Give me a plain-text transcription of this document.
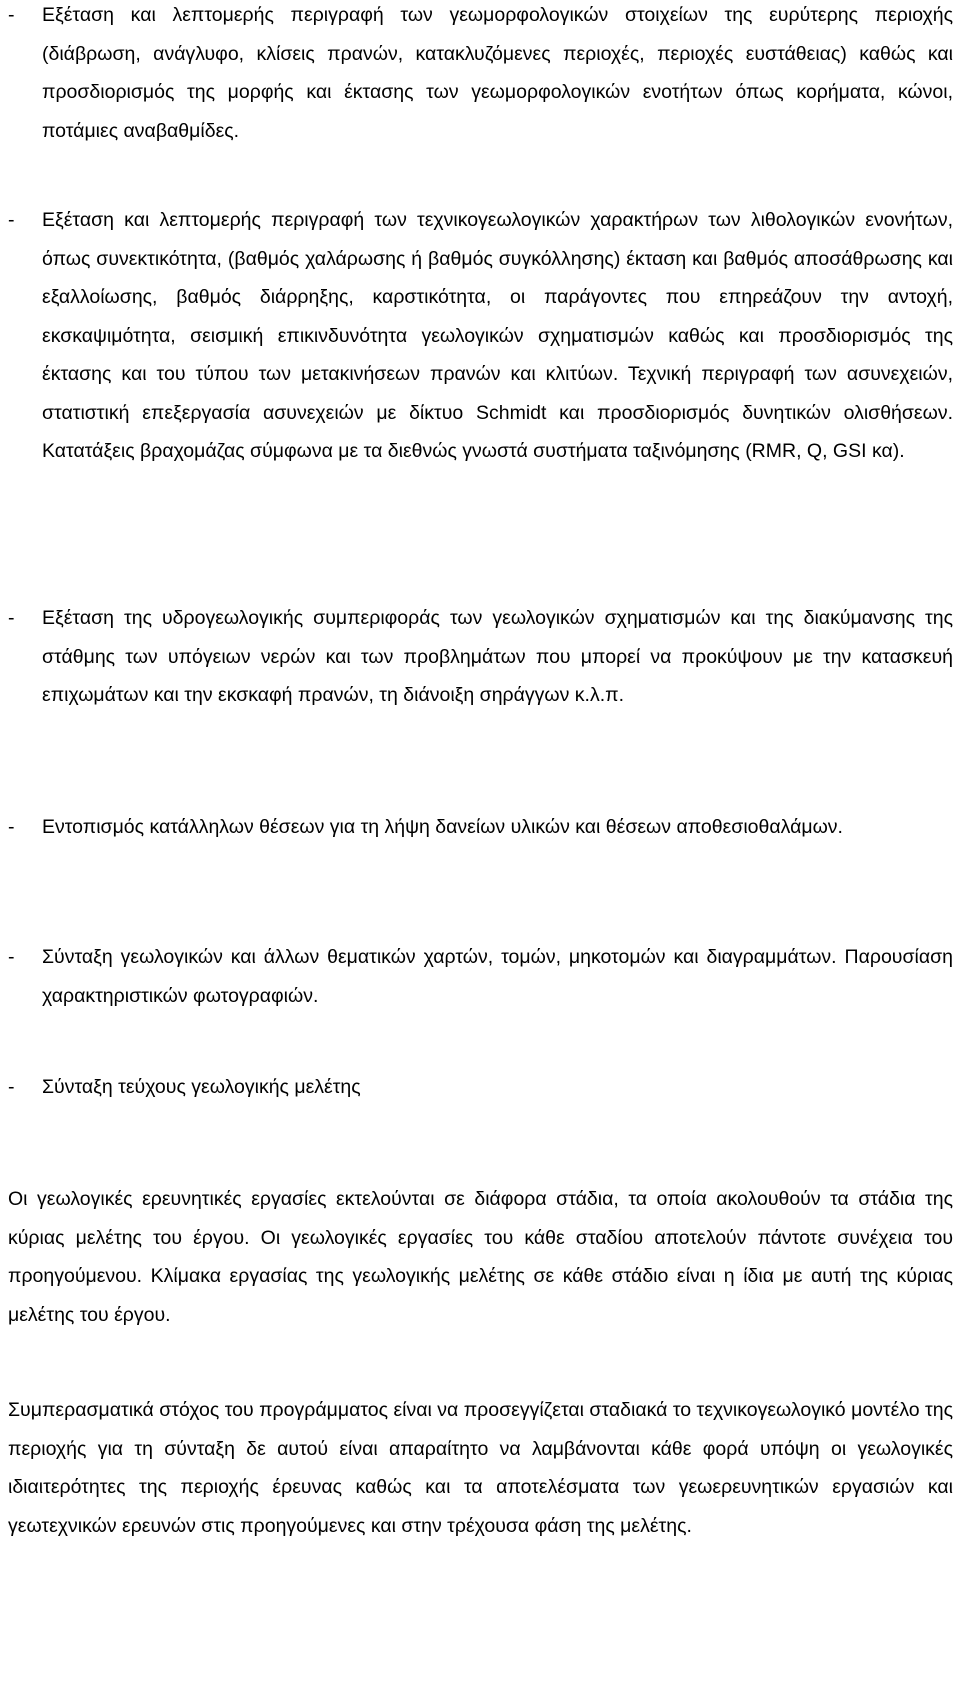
- Εξέταση και λεπτομερής περιγραφή των γεωμορφολογικών στοιχείων της ευρύτερης περιοχής (διάβρωση, ανάγλυφο, κλίσεις πρανών, κατακλυζόμενες περιοχές, περιοχές ευστάθειας) καθώς και προσδιορισμός της μορφής και έκτασης των γεωμορφολογικών ενοτήτων όπως κορήματα, κώνοι, ποτάμιες αναβαθμίδες.
- Εξέταση και λεπτομερής περιγραφή των τεχνικογεωλογικών χαρακτήρων των λιθολογικών ενονήτων, όπως συνεκτικότητα, (βαθμός χαλάρωσης ή βαθμός συγκόλλησης) έκταση και βαθμός αποσάθρωσης και εξαλλοίωσης, βαθμός διάρρηξης, καρστικότητα, οι παράγοντες που επηρεάζουν την αντοχή, εκσκαψιμότητα, σεισμική επικινδυνότητα γεωλογικών σχηματισμών καθώς και προσδιορισμός της έκτασης και του τύπου των μετακινήσεων πρανών και κλιτύων. Τεχνική περιγραφή των ασυνεχειών, στατιστική επεξεργασία ασυνεχειών με δίκτυο Schmidt και προσδιορισμός δυνητικών ολισθήσεων. Κατατάξεις βραχομάζας σύμφωνα με τα διεθνώς γνωστά συστήματα ταξινόμησης (RMR, Q, GSI κα).
- Εξέταση της υδρογεωλογικής συμπεριφοράς των γεωλογικών σχηματισμών και της διακύμανσης της στάθμης των υπόγειων νερών και των προβλημάτων που μπορεί να προκύψουν με την κατασκευή επιχωμάτων και την εκσκαφή πρανών, τη διάνοιξη σηράγγων κ.λ.π.
- Εντοπισμός κατάλληλων θέσεων για τη λήψη δανείων υλικών και θέσεων αποθεσιοθαλάμων.
- Σύνταξη γεωλογικών και άλλων θεματικών χαρτών, τομών, μηκοτομών και διαγραμμάτων. Παρουσίαση χαρακτηριστικών φωτογραφιών.
- Σύνταξη τεύχους γεωλογικής μελέτης

Οι γεωλογικές ερευνητικές εργασίες εκτελούνται σε διάφορα στάδια, τα οποία ακολουθούν τα στάδια της κύριας μελέτης του έργου. Οι γεωλογικές εργασίες του κάθε σταδίου αποτελούν πάντοτε συνέχεια του προηγούμενου. Κλίμακα εργασίας της γεωλογικής μελέτης σε κάθε στάδιο είναι η ίδια με αυτή της κύριας μελέτης του έργου.

Συμπερασματικά στόχος του προγράμματος είναι να προσεγγίζεται σταδιακά το τεχνικογεωλογικό μοντέλο της περιοχής για τη σύνταξη δε αυτού είναι απαραίτητο να λαμβάνονται κάθε φορά υπόψη οι γεωλογικές ιδιαιτερότητες της περιοχής έρευνας καθώς και τα αποτελέσματα των γεωερευνητικών εργασιών και γεωτεχνικών ερευνών στις προηγούμενες και στην τρέχουσα φάση της μελέτης.
